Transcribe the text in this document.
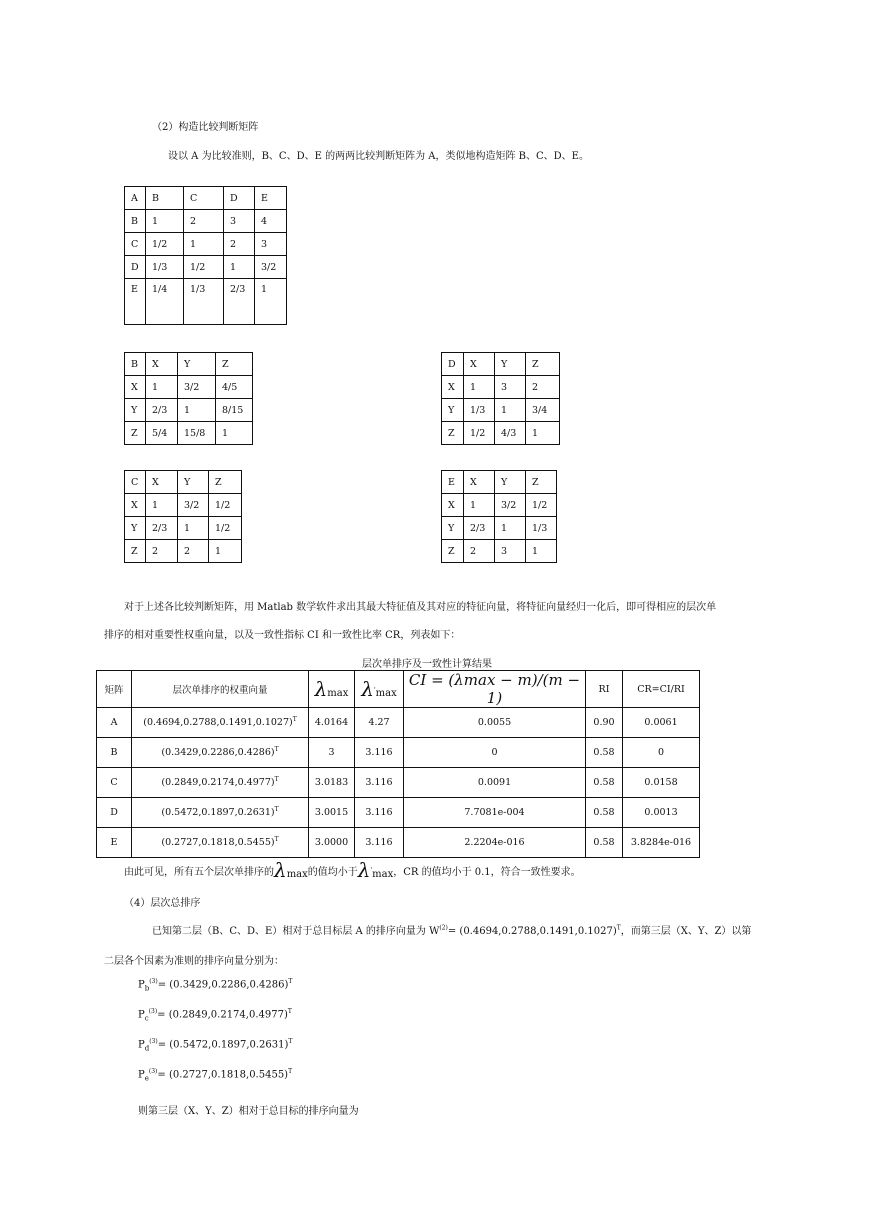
（2）构造比较判断矩阵
设以 A 为比较准则，B、C、D、E 的两两比较判断矩阵为 A，类似地构造矩阵 B、C、D、E。
A	B	C	D	E
B	1	2	3	4
C	1/2	1	2	3
D	1/3	1/2	1	3/2
E	1/4	1/3	2/3	1
B	X	Y	Z
X	1	3/2	4/5
Y	2/3	1	8/15
Z	5/4	15/8	1
D	X	Y	Z
X	1	3	2
Y	1/3	1	3/4
Z	1/2	4/3	1
C	X	Y	Z
X	1	3/2	1/2
Y	2/3	1	1/2
Z	2	2	1
E	X	Y	Z
X	1	3/2	1/2
Y	2/3	1	1/3
Z	2	3	1
对于上述各比较判断矩阵，用 Matlab 数学软件求出其最大特征值及其对应的特征向量，将特征向量经归一化后，即可得相应的层次单
排序的相对重要性权重向量，以及一致性指标 CI 和一致性比率 CR，列表如下：
层次单排序及一致性计算结果
矩阵	层次单排序的权重向量	λmax	λ'max	CI = (λmax − m)/(m − 1)	RI	CR=CI/RI
A	$(0.4694,0.2788,0.1491,0.1027)^T$	4.0164	4.27	0.0055	0.90	0.0061
B	$(0.3429,0.2286,0.4286)^T$	3	3.116	0	0.58	0
C	$(0.2849,0.2174,0.4977)^T$	3.0183	3.116	0.0091	0.58	0.0158
D	$(0.5472,0.1897,0.2631)^T$	3.0015	3.116	7.7081e-004	0.58	0.0013
E	$(0.2727,0.1818,0.5455)^T$	3.0000	3.116	2.2204e-016	0.58	3.8284e-016
由此可见，所有五个层次单排序的 λ max 的值均小于 λ ' max ，CR 的值均小于 0.1，符合一致性要求。
（4）层次总排序
已知第二层（B、C、D、E）相对于总目标层 A 的排序向量为 $W^{(2)}= (0.4694,0.2788,0.1491,0.1027)^T$，而第三层（X、Y、Z）以第
二层各个因素为准则的排序向量分别为：
$P_b^{(3)}= (0.3429,0.2286,0.4286)^T$
$P_c^{(3)}= (0.2849,0.2174,0.4977)^T$
$P_d^{(3)}= (0.5472,0.1897,0.2631)^T$
$P_e^{(3)}= (0.2727,0.1818,0.5455)^T$
则第三层（X、Y、Z）相对于总目标的排序向量为
